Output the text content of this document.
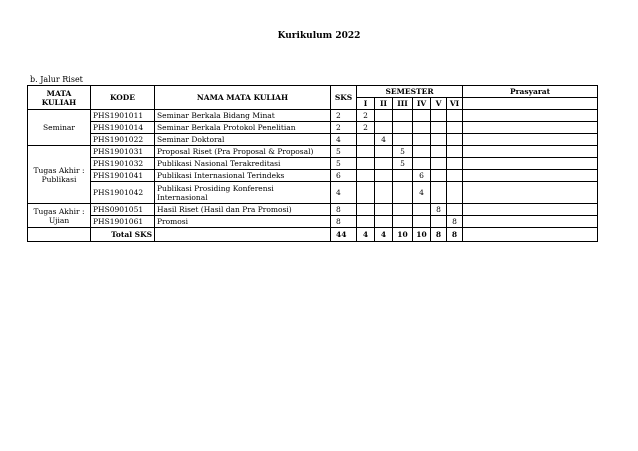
Kurikulum 2022
b. Jalur Riset
MATA
KULIAH	KODE	NAMA MATA KULIAH	SKS	SEMESTER						Prasyarat
				I	II	III	IV	V	VI	
Seminar	PHS1901011	Seminar Berkala Bidang Minat	2	2						
	PHS1901014	Seminar Berkala Protokol Penelitian	2	2						
	PHS1901022	Seminar Doktoral	4		4					
Tugas Akhir :
Publikasi	PHS1901031	Proposal Riset (Pra Proposal & Proposal)	5			5				
	PHS1901032	Publikasi Nasional Terakreditasi	5			5				
	PHS1901041	Publikasi Internasional Terindeks	6				6			
	PHS1901042	Publikasi Prosiding Konferensi
Internasional	4				4			
Tugas Akhir :
Ujian	PHS0901051	Hasil Riset (Hasil dan Pra Promosi)	8					8		
	PHS1901061	Promosi	8						8	
	Total SKS		44	4	4	10	10	8	8	
